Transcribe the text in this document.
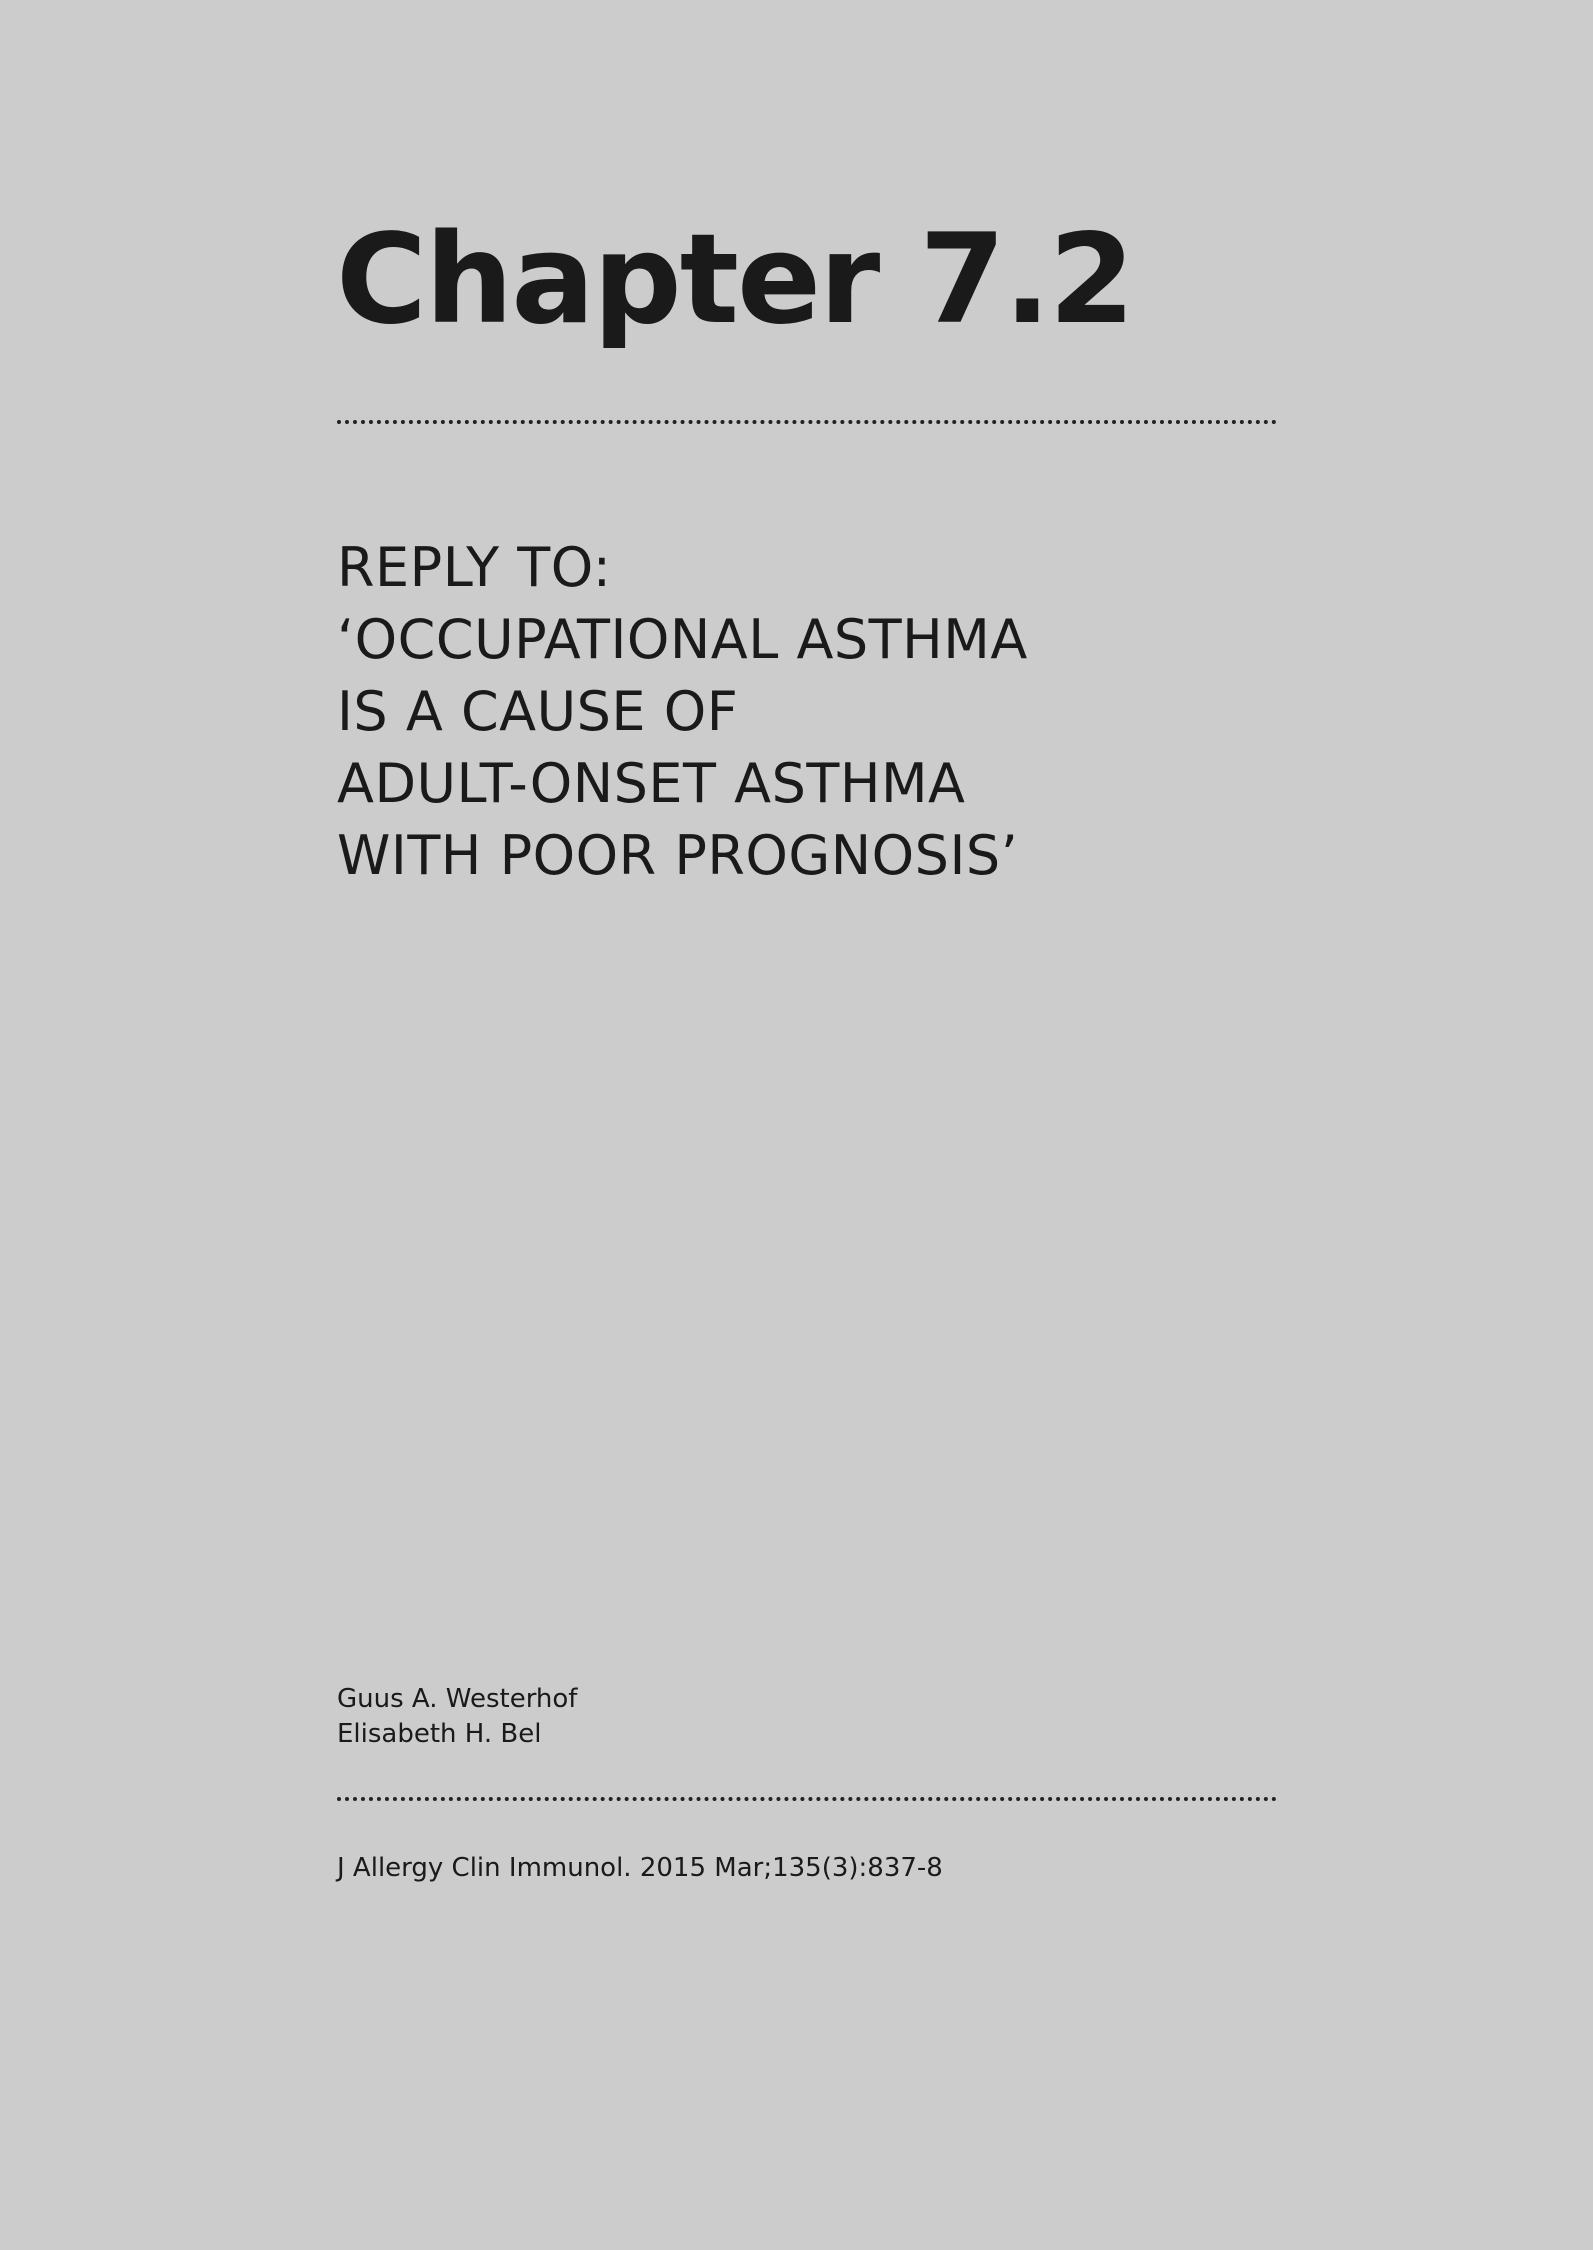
Chapter 7.2
REPLY TO:
‘OCCUPATIONAL ASTHMA
IS A CAUSE OF
ADULT-ONSET ASTHMA
WITH POOR PROGNOSIS’
Guus A. Westerhof
Elisabeth H. Bel
J Allergy Clin Immunol. 2015 Mar;135(3):837-8
